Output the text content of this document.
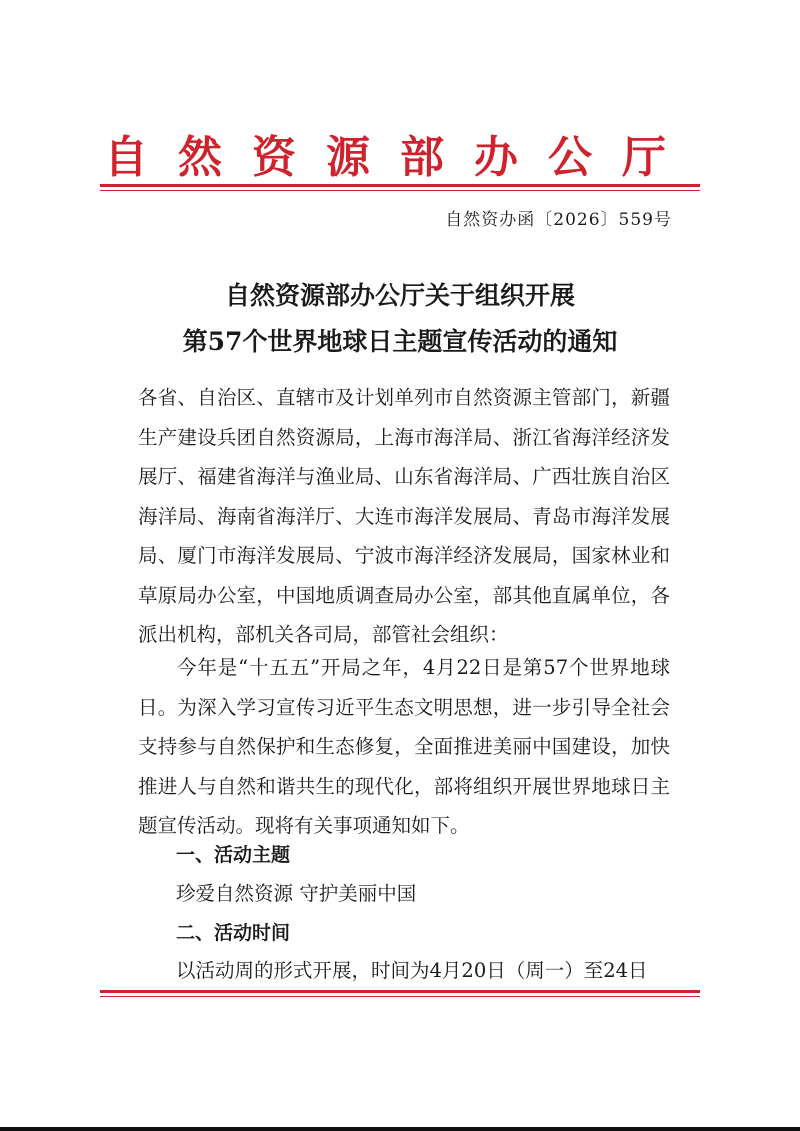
自然资源部办公厅
自然资办函〔2026〕559号
自然资源部办公厅关于组织开展
第57个世界地球日主题宣传活动的通知

各省、自治区、直辖市及计划单列市自然资源主管部门，新疆生产建设兵团自然资源局，上海市海洋局、浙江省海洋经济发展厅、福建省海洋与渔业局、山东省海洋局、广西壮族自治区海洋局、海南省海洋厅、大连市海洋发展局、青岛市海洋发展局、厦门市海洋发展局、宁波市海洋经济发展局，国家林业和草原局办公室，中国地质调查局办公室，部其他直属单位，各派出机构，部机关各司局，部管社会组织：

今年是“十五五”开局之年，4月22日是第57个世界地球日。为深入学习宣传习近平生态文明思想，进一步引导全社会支持参与自然保护和生态修复，全面推进美丽中国建设，加快推进人与自然和谐共生的现代化，部将组织开展世界地球日主题宣传活动。现将有关事项通知如下。

一、活动主题
珍爱自然资源 守护美丽中国
二、活动时间
以活动周的形式开展，时间为4月20日（周一）至24日
